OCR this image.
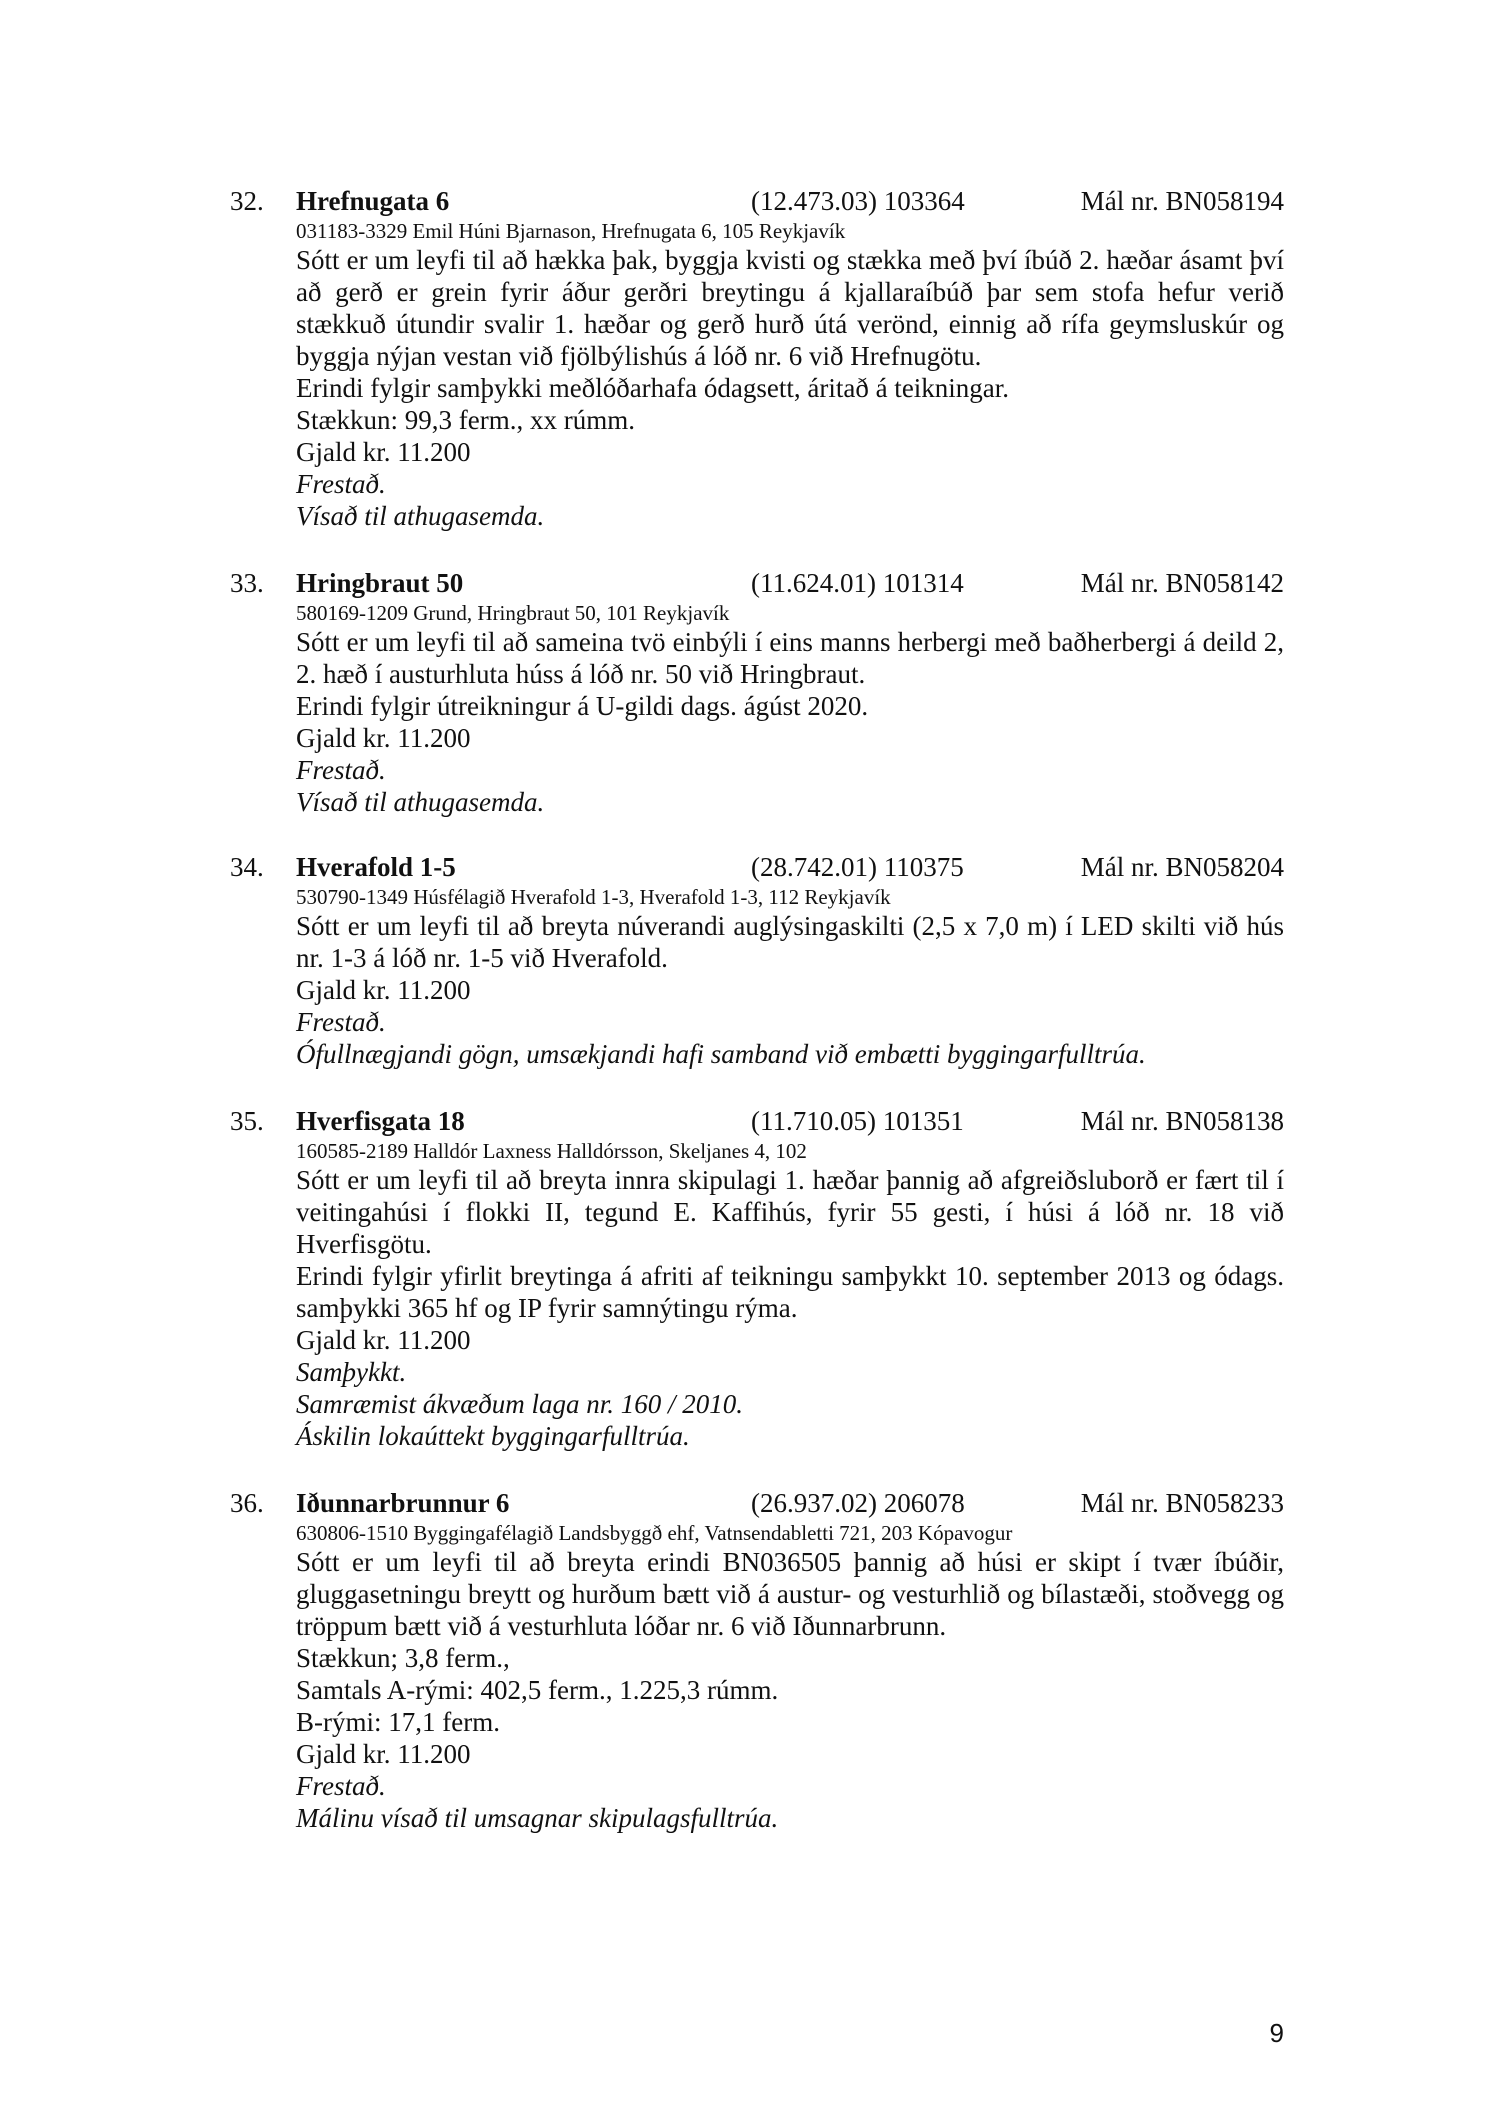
32. Hrefnugata 6	(12.473.03) 103364	Mál nr. BN058194
031183-3329 Emil Húni Bjarnason, Hrefnugata 6, 105 Reykjavík
Sótt er um leyfi til að hækka þak, byggja kvisti og stækka með því íbúð 2. hæðar ásamt því að gerð er grein fyrir áður gerðri breytingu á kjallaraíbúð þar sem stofa hefur verið stækkuð útundir svalir 1. hæðar og gerð hurð útá verönd, einnig að rífa geymsluskúr og byggja nýjan vestan við fjölbýlishús á lóð nr. 6 við Hrefnugötu.
Erindi fylgir samþykki meðlóðarhafa ódagsett, áritað á teikningar.
Stækkun: 99,3 ferm., xx rúmm.
Gjald kr. 11.200
Frestað.
Vísað til athugasemda.
33. Hringbraut 50	(11.624.01) 101314	Mál nr. BN058142
580169-1209 Grund, Hringbraut 50, 101 Reykjavík
Sótt er um leyfi til að sameina tvö einbýli í eins manns herbergi með baðherbergi á deild 2, 2. hæð í austurhluta húss á lóð nr. 50 við Hringbraut.
Erindi fylgir útreikningur á U-gildi dags. ágúst 2020.
Gjald kr. 11.200
Frestað.
Vísað til athugasemda.
34. Hverafold 1-5	(28.742.01) 110375	Mál nr. BN058204
530790-1349 Húsfélagið Hverafold 1-3, Hverafold 1-3, 112 Reykjavík
Sótt er um leyfi til að breyta núverandi auglýsingaskilti (2,5 x 7,0 m) í LED skilti við hús nr. 1-3 á lóð nr. 1-5 við Hverafold.
Gjald kr. 11.200
Frestað.
Ófullnægjandi gögn, umsækjandi hafi samband við embætti byggingarfulltrúa.
35. Hverfisgata 18	(11.710.05) 101351	Mál nr. BN058138
160585-2189 Halldór Laxness Halldórsson, Skeljanes 4, 102
Sótt er um leyfi til að breyta innra skipulagi 1. hæðar þannig að afgreiðsluborð er fært til í veitingahúsi í flokki II, tegund E. Kaffihús, fyrir 55 gesti, í húsi á lóð nr. 18 við Hverfisgötu.
Erindi fylgir yfirlit breytinga á afriti af teikningu samþykkt 10. september 2013 og ódags. samþykki 365 hf og IP fyrir samnýtingu rýma.
Gjald kr. 11.200
Samþykkt.
Samræmist ákvæðum laga nr. 160 / 2010.
Áskilin lokaúttekt byggingarfulltrúa.
36. Iðunnarbrunnur 6	(26.937.02) 206078	Mál nr. BN058233
630806-1510 Byggingafélagið Landsbyggð ehf, Vatnsendabletti 721, 203 Kópavogur
Sótt er um leyfi til að breyta erindi BN036505 þannig að húsi er skipt í tvær íbúðir, gluggasetningu breytt og hurðum bætt við á austur- og vesturhlið og bílastæði, stoðvegg og tröppum bætt við á vesturhluta lóðar nr. 6 við Iðunnarbrunn.
Stækkun; 3,8 ferm.,
Samtals A-rými: 402,5 ferm., 1.225,3 rúmm.
B-rými: 17,1 ferm.
Gjald kr. 11.200
Frestað.
Málinu vísað til umsagnar skipulagsfulltrúa.
9
